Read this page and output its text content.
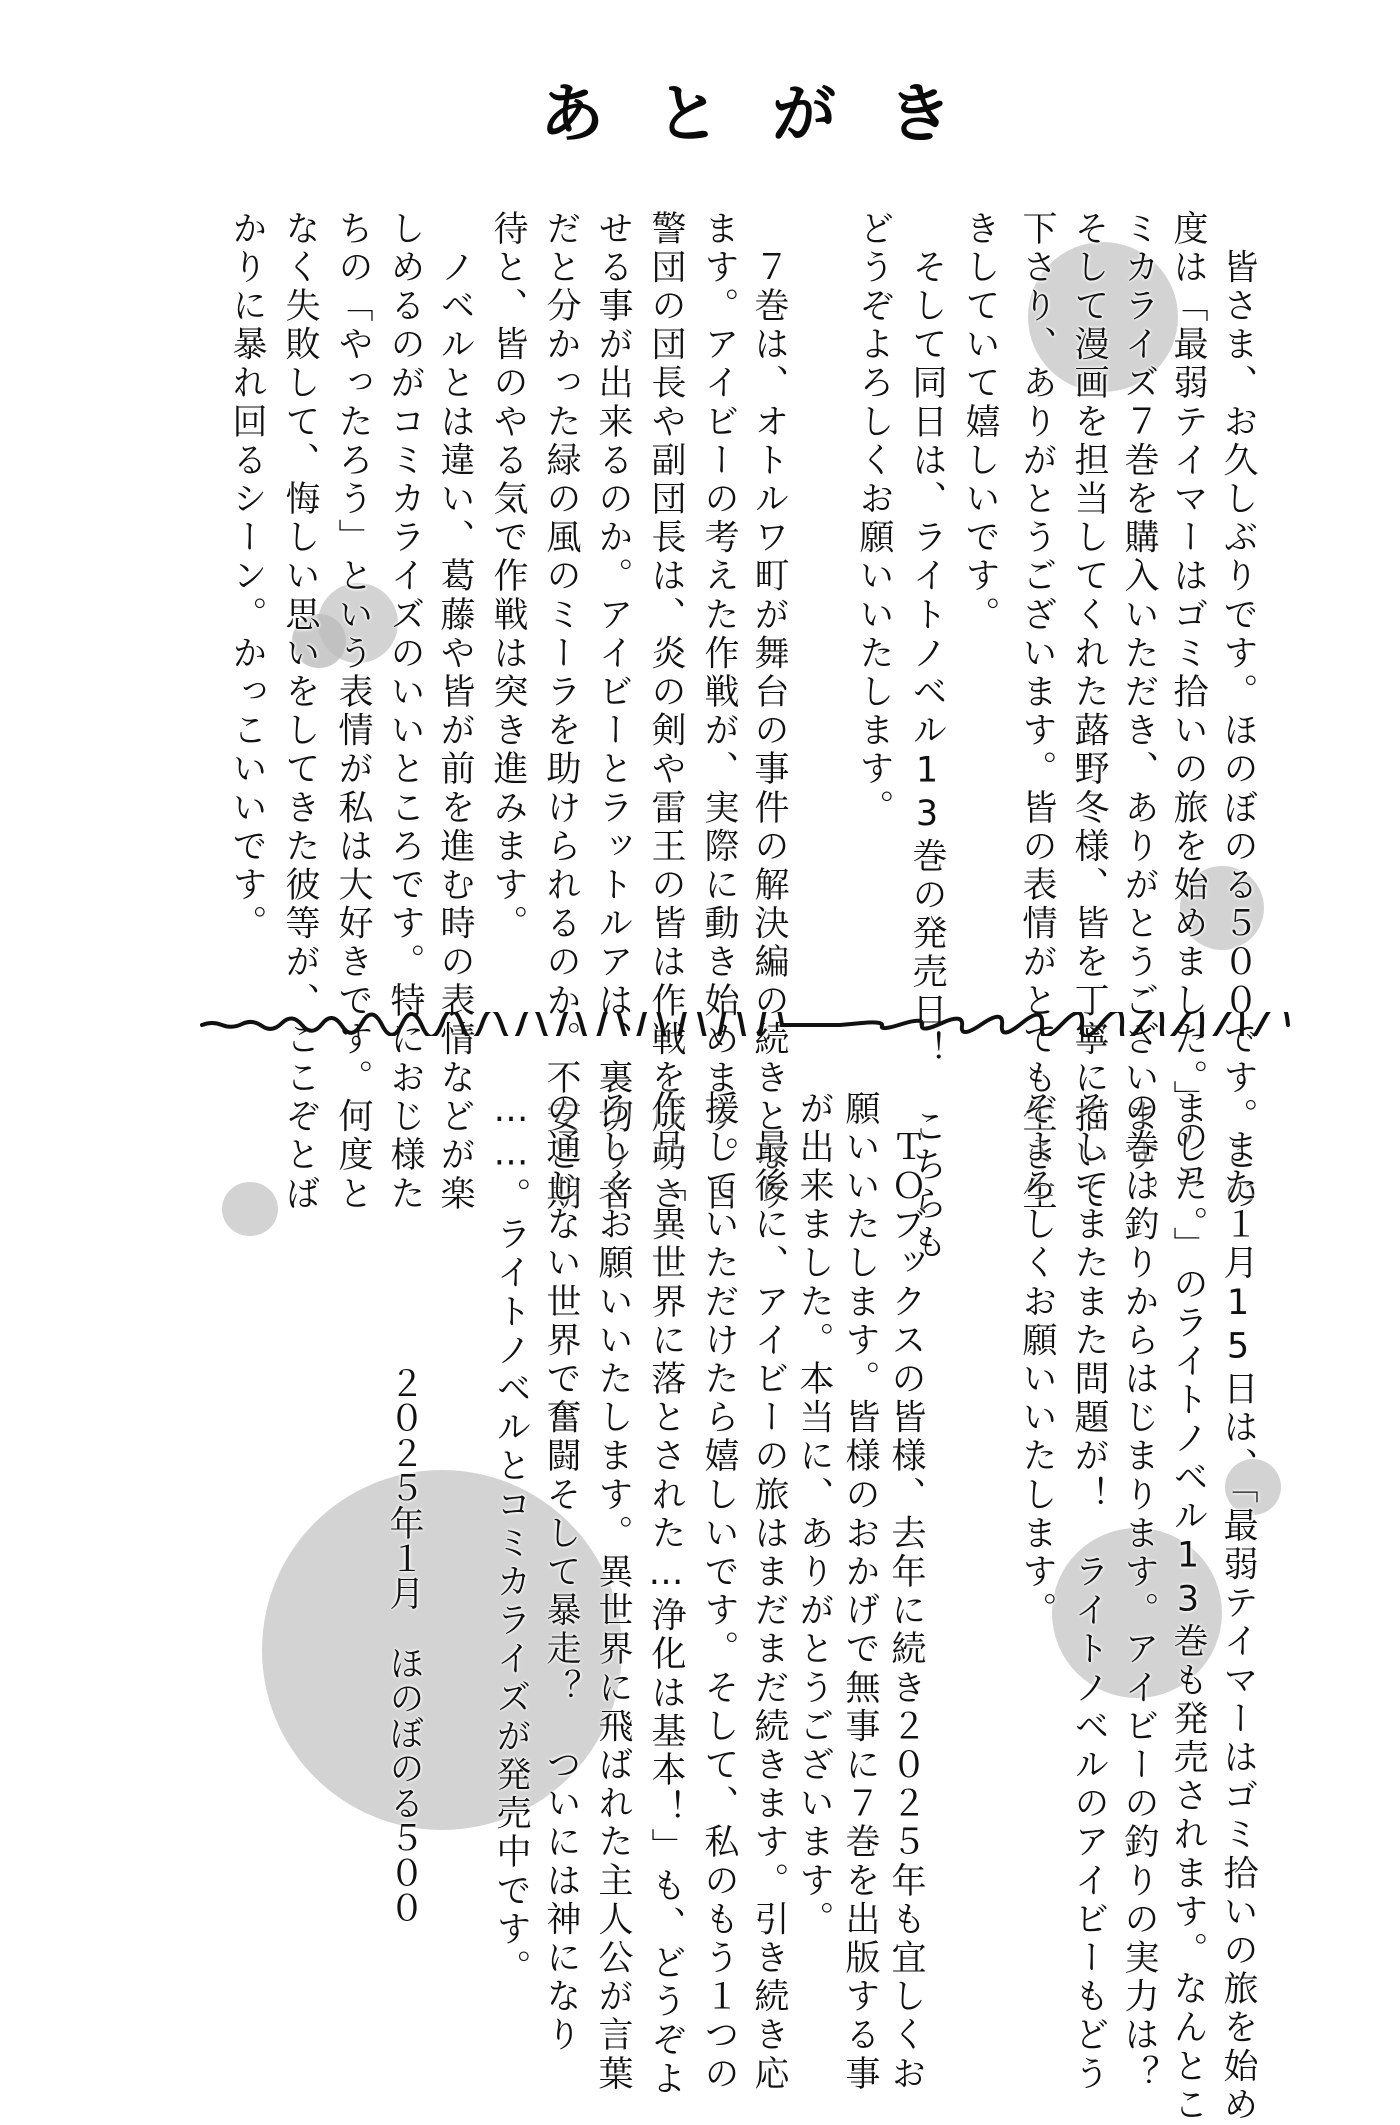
あとがき
　皆さま、お久しぶりです。ほのぼのる５００です。この
度は「最弱テイマーはゴミ拾いの旅を始めました。」のコ
ミカライズ７巻を購入いただき、ありがとうございます。
そして漫画を担当してくれた蕗野冬様、皆を丁寧に描いて
下さり、ありがとうございます。皆の表情がとても生き生
きしていて嬉しいです。
　そして同日は、ライトノベル13巻の発売日！　こちらも
どうぞよろしくお願いいたします。
　７巻は、オトルワ町が舞台の事件の解決編の続きとなり
ます。アイビーの考えた作戦が、実際に動き始めます。自
警団の団長や副団長は、炎の剣や雷王の皆は作戦を成功さ
せる事が出来るのか。アイビーとラットルアは、裏切り者
だと分かった緑の風のミーラを助けられるのか。不安と期
待と、皆のやる気で作戦は突き進みます。
　ノベルとは違い、葛藤や皆が前を進む時の表情などが楽
しめるのがコミカライズのいいところです。特におじ様た
ちの「やったろう」という表情が私は大好きです。何度と
なく失敗して、悔しい思いをしてきた彼等が、ここぞとば
かりに暴れ回るシーン。かっこいいです。
　また１月15日は、「最弱テイマーはゴミ拾いの旅を始め
ました。」のライトノベル13巻も発売されます。なんとこ
の巻は釣りからはじまります。アイビーの釣りの実力は？
そしてまたまた問題が！　ライトノベルのアイビーもどう
ぞよろしくお願いいたします。
　ＴＯブックスの皆様、去年に続き２０２５年も宜しくお
願いいたします。皆様のおかげで無事に７巻を出版する事
が出来ました。本当に、ありがとうございます。
　最後に、アイビーの旅はまだまだ続きます。引き続き応
援していただけたら嬉しいです。そして、私のもう１つの
作品「異世界に落とされた…浄化は基本！」も、どうぞよ
ろしくお願いいたします。異世界に飛ばれた主人公が言葉
の通じない世界で奮闘そして暴走？　ついには神になり
……。ライトノベルとコミカライズが発売中です。
２０２５年１月　ほのぼのる５００
